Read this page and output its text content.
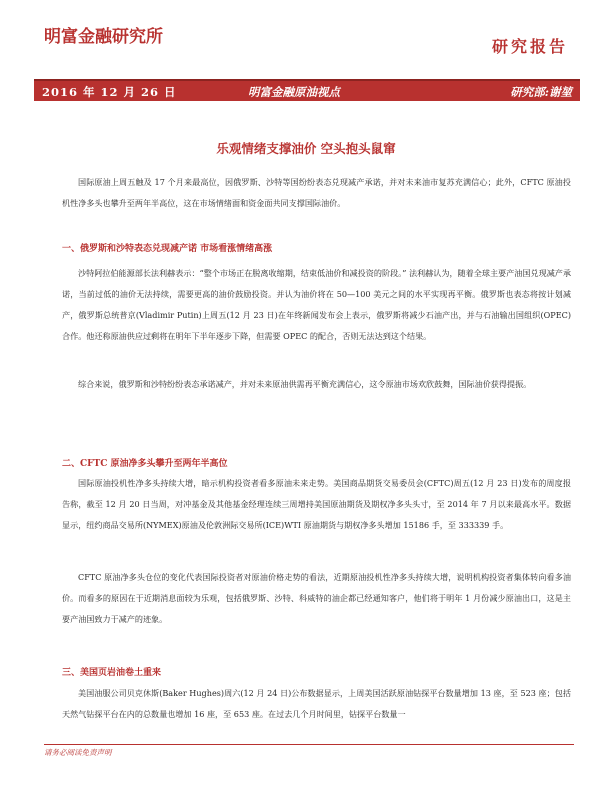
明富金融研究所	研究报告
2016 年 12 月 26 日	明富金融原油视点	研究部:谢堃
乐观情绪支撑油价 空头抱头鼠窜

国际原油上周五触及 17 个月来最高位，因俄罗斯、沙特等国纷纷表态兑现减产承诺，并对未来油市复苏充满信心；此外，CFTC 原油投机性净多头也攀升至两年半高位，这在市场情绪面和资金面共同支撑国际油价。

一、俄罗斯和沙特表态兑现减产诺 市场看涨情绪高涨

沙特阿拉伯能源部长法利赫表示：“整个市场正在脱离收缩期，结束低油价和减投资的阶段。” 法利赫认为，随着全球主要产油国兑现减产承诺，当前过低的油价无法持续，需要更高的油价鼓励投资。并认为油价将在 50—100 美元之间的水平实现再平衡。俄罗斯也表态将按计划减产，俄罗斯总统普京(Vladimir Putin)上周五(12 月 23 日)在年终新闻发布会上表示，俄罗斯将减少石油产出，并与石油输出国组织(OPEC)合作。他还称原油供应过剩将在明年下半年逐步下降，但需要 OPEC 的配合，否则无法达到这个结果。

综合来说，俄罗斯和沙特纷纷表态承诺减产，并对未来原油供需再平衡充满信心，这令原油市场欢欣鼓舞，国际油价获得提振。

二、CFTC 原油净多头攀升至两年半高位

国际原油投机性净多头持续大增，暗示机构投资者看多原油未来走势。美国商品期货交易委员会(CFTC)周五(12 月 23 日)发布的周度报告称，截至 12 月 20 日当周，对冲基金及其他基金经理连续三周增持美国原油期货及期权净多头头寸，至 2014 年 7 月以来最高水平。数据显示，纽约商品交易所(NYMEX)原油及伦敦洲际交易所(ICE)WTI 原油期货与期权净多头增加 15186 手，至 333339 手。

CFTC 原油净多头仓位的变化代表国际投资者对原油价格走势的看法，近期原油投机性净多头持续大增，说明机构投资者集体转向看多油价。而看多的原因在于近期消息面较为乐观，包括俄罗斯、沙特、科威特的油企都已经通知客户，他们将于明年 1 月份减少原油出口，这是主要产油国致力于减产的迹象。

三、美国页岩油卷土重来

美国油服公司贝克休斯(Baker Hughes)周六(12 月 24 日)公布数据显示，上周美国活跃原油钻探平台数量增加 13 座，至 523 座；包括天然气钻探平台在内的总数量也增加 16 座，至 653 座。在过去几个月时间里，钻探平台数量一

请务必阅读免责声明
